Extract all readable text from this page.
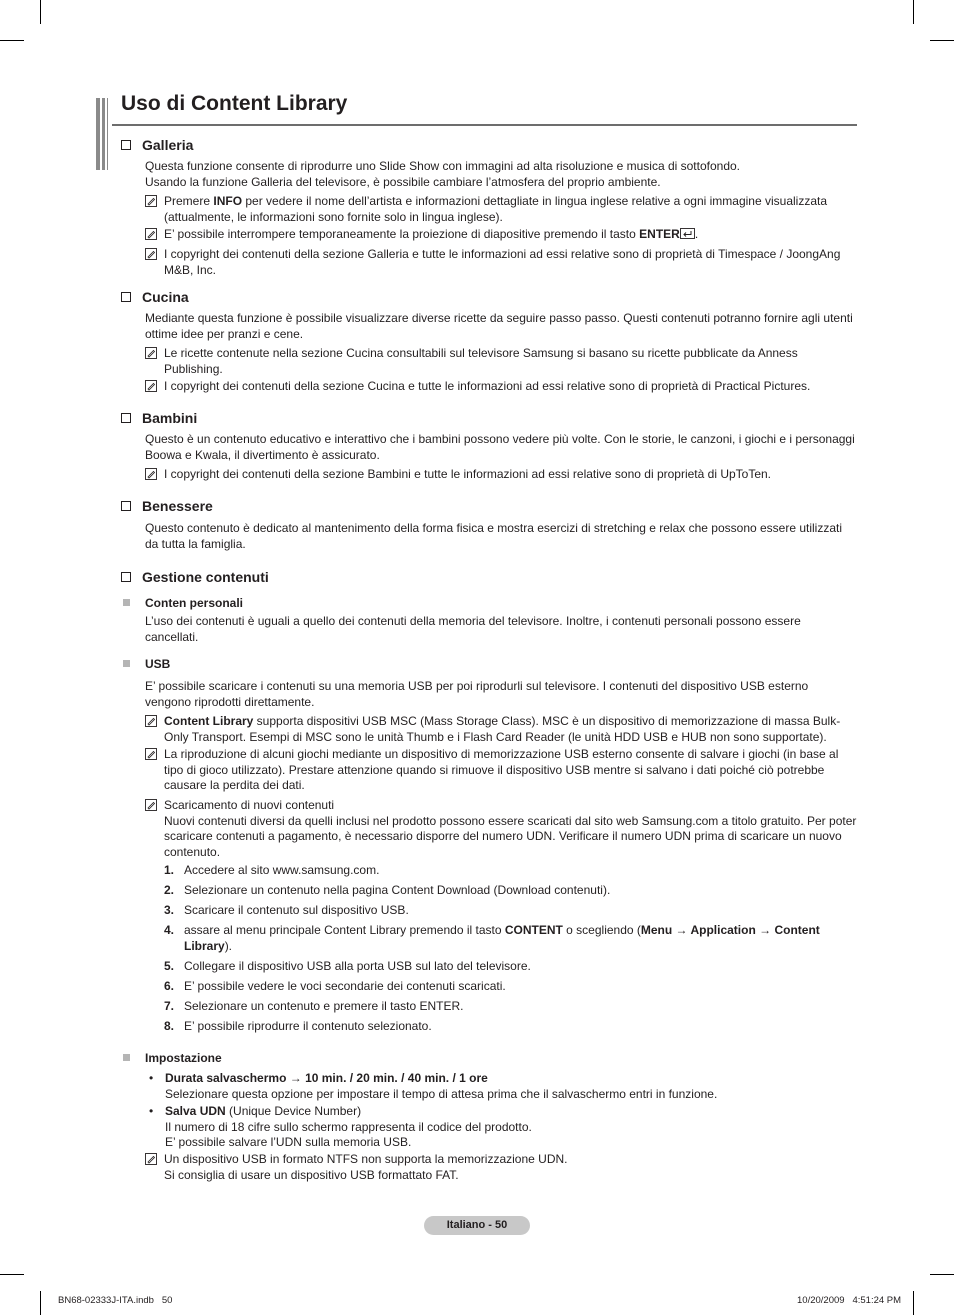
Uso di Content Library
Galleria
Questa funzione consente di riprodurre uno Slide Show con immagini ad alta risoluzione e musica di sottofondo.
Usando la funzione Galleria del televisore, è possibile cambiare l’atmosfera del proprio ambiente.
Premere INFO per vedere il nome dell’artista e informazioni dettagliate in lingua inglese relative a ogni immagine visualizzata (attualmente, le informazioni sono fornite solo in lingua inglese).
E’ possibile interrompere temporaneamente la proiezione di diapositive premendo il tasto ENTER .
I copyright dei contenuti della sezione Galleria e tutte le informazioni ad essi relative sono di proprietà di Timespace / JoongAng M&B, Inc.
Cucina
Mediante questa funzione è possibile visualizzare diverse ricette da seguire passo passo. Questi contenuti potranno fornire agli utenti ottime idee per pranzi e cene.
Le ricette contenute nella sezione Cucina consultabili sul televisore Samsung si basano su ricette pubblicate da Anness Publishing.
I copyright dei contenuti della sezione Cucina e tutte le informazioni ad essi relative sono di proprietà di Practical Pictures.
Bambini
Questo è un contenuto educativo e interattivo che i bambini possono vedere più volte. Con le storie, le canzoni, i giochi e i personaggi Boowa e Kwala, il divertimento è assicurato.
I copyright dei contenuti della sezione Bambini e tutte le informazioni ad essi relative sono di proprietà di UpToTen.
Benessere
Questo contenuto è dedicato al mantenimento della forma fisica e mostra esercizi di stretching e relax che possono essere utilizzati da tutta la famiglia.
Gestione contenuti
Conten personali
L’uso dei contenuti è uguali a quello dei contenuti della memoria del televisore. Inoltre, i contenuti personali possono essere cancellati.
USB
E’ possibile scaricare i contenuti su una memoria USB per poi riprodurli sul televisore. I contenuti del dispositivo USB esterno vengono riprodotti direttamente.
Content Library supporta dispositivi USB MSC (Mass Storage Class). MSC è un dispositivo di memorizzazione di massa Bulk-Only Transport. Esempi di MSC sono le unità Thumb e i Flash Card Reader (le unità HDD USB e HUB non sono supportate).
La riproduzione di alcuni giochi mediante un dispositivo di memorizzazione USB esterno consente di salvare i giochi (in base al tipo di gioco utilizzato). Prestare attenzione quando si rimuove il dispositivo USB mentre si salvano i dati poiché ciò potrebbe causare la perdita dei dati.
Scaricamento di nuovi contenuti
Nuovi contenuti diversi da quelli inclusi nel prodotto possono essere scaricati dal sito web Samsung.com a titolo gratuito. Per poter scaricare contenuti a pagamento, è necessario disporre del numero UDN. Verificare il numero UDN prima di scaricare un nuovo contenuto.
1. Accedere al sito www.samsung.com.
2. Selezionare un contenuto nella pagina Content Download (Download contenuti).
3. Scaricare il contenuto sul dispositivo USB.
4. assare al menu principale Content Library premendo il tasto CONTENT o scegliendo (Menu → Application → Content Library).
5. Collegare il dispositivo USB alla porta USB sul lato del televisore.
6. E’ possibile vedere le voci secondarie dei contenuti scaricati.
7. Selezionare un contenuto e premere il tasto ENTER.
8. E’ possibile riprodurre il contenuto selezionato.
Impostazione
• Durata salvaschermo → 10 min. / 20 min. / 40 min. / 1 ore
Selezionare questa opzione per impostare il tempo di attesa prima che il salvaschermo entri in funzione.
• Salva UDN (Unique Device Number)
Il numero di 18 cifre sullo schermo rappresenta il codice del prodotto.
E’ possibile salvare l’UDN sulla memoria USB.
Un dispositivo USB in formato NTFS non supporta la memorizzazione UDN.
Si consiglia di usare un dispositivo USB formattato FAT.
Italiano - 50
BN68-02333J-ITA.indb   50	10/20/2009   4:51:24 PM
